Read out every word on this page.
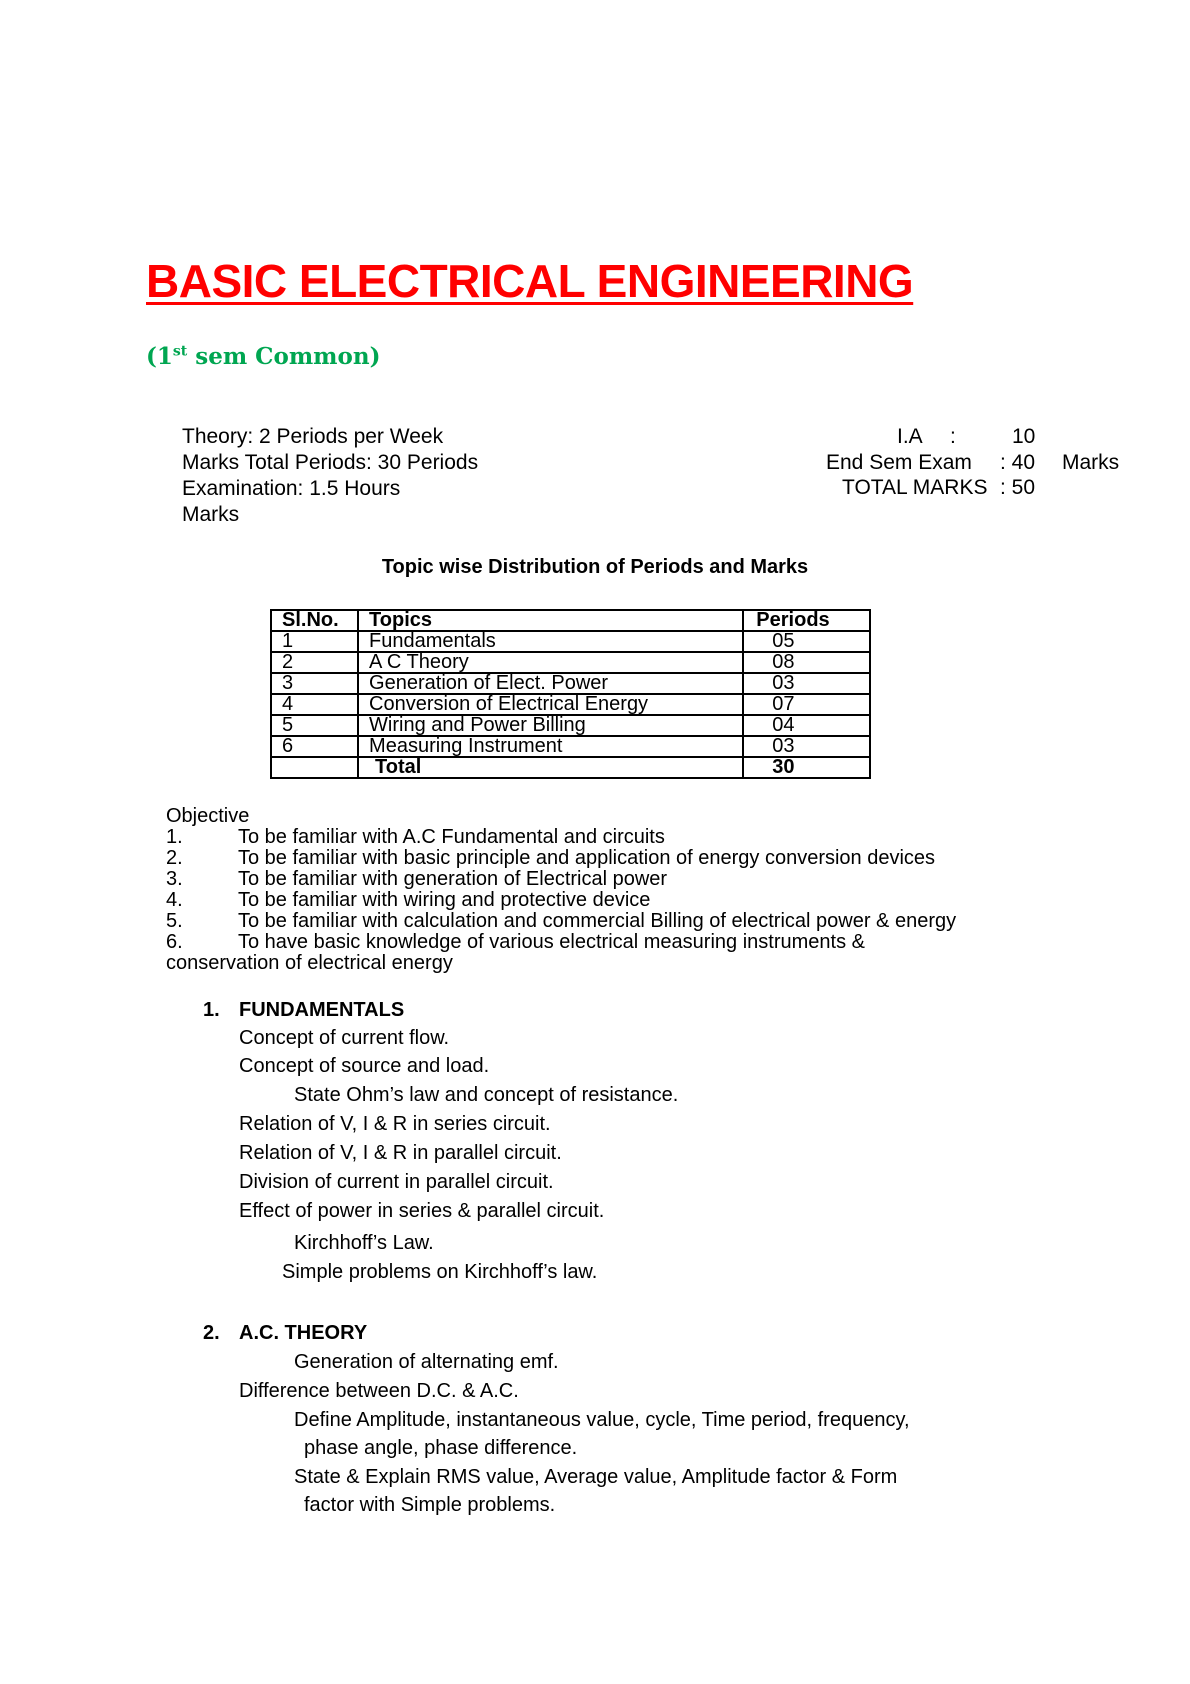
BASIC ELECTRICAL ENGINEERING
(1st sem Common)
Theory: 2 Periods per Week
Marks Total Periods: 30 Periods
Examination: 1.5 Hours
Marks
I.A :	10
End Sem Exam : 40 Marks
TOTAL MARKS : 50
Topic wise Distribution of Periods and Marks
Sl.No.	Topics	Periods
1	Fundamentals	05
2	A C Theory	08
3	Generation of Elect. Power	03
4	Conversion of Electrical Energy	07
5	Wiring and Power Billing	04
6	Measuring Instrument	03
	Total	30
Objective
1.	To be familiar with A.C Fundamental and circuits
2.	To be familiar with basic principle and application of energy conversion devices
3.	To be familiar with generation of Electrical power
4.	To be familiar with wiring and protective device
5.	To be familiar with calculation and commercial Billing of electrical power & energy
6.	To have basic knowledge of various electrical measuring instruments &
conservation of electrical energy
1. FUNDAMENTALS
Concept of current flow.
Concept of source and load.
State Ohm’s law and concept of resistance.
Relation of V, I & R in series circuit.
Relation of V, I & R in parallel circuit.
Division of current in parallel circuit.
Effect of power in series & parallel circuit.
Kirchhoff’s Law.
Simple problems on Kirchhoff’s law.
2. A.C. THEORY
Generation of alternating emf.
Difference between D.C. & A.C.
Define Amplitude, instantaneous value, cycle, Time period, frequency,
phase angle, phase difference.
State & Explain RMS value, Average value, Amplitude factor & Form
factor with Simple problems.
